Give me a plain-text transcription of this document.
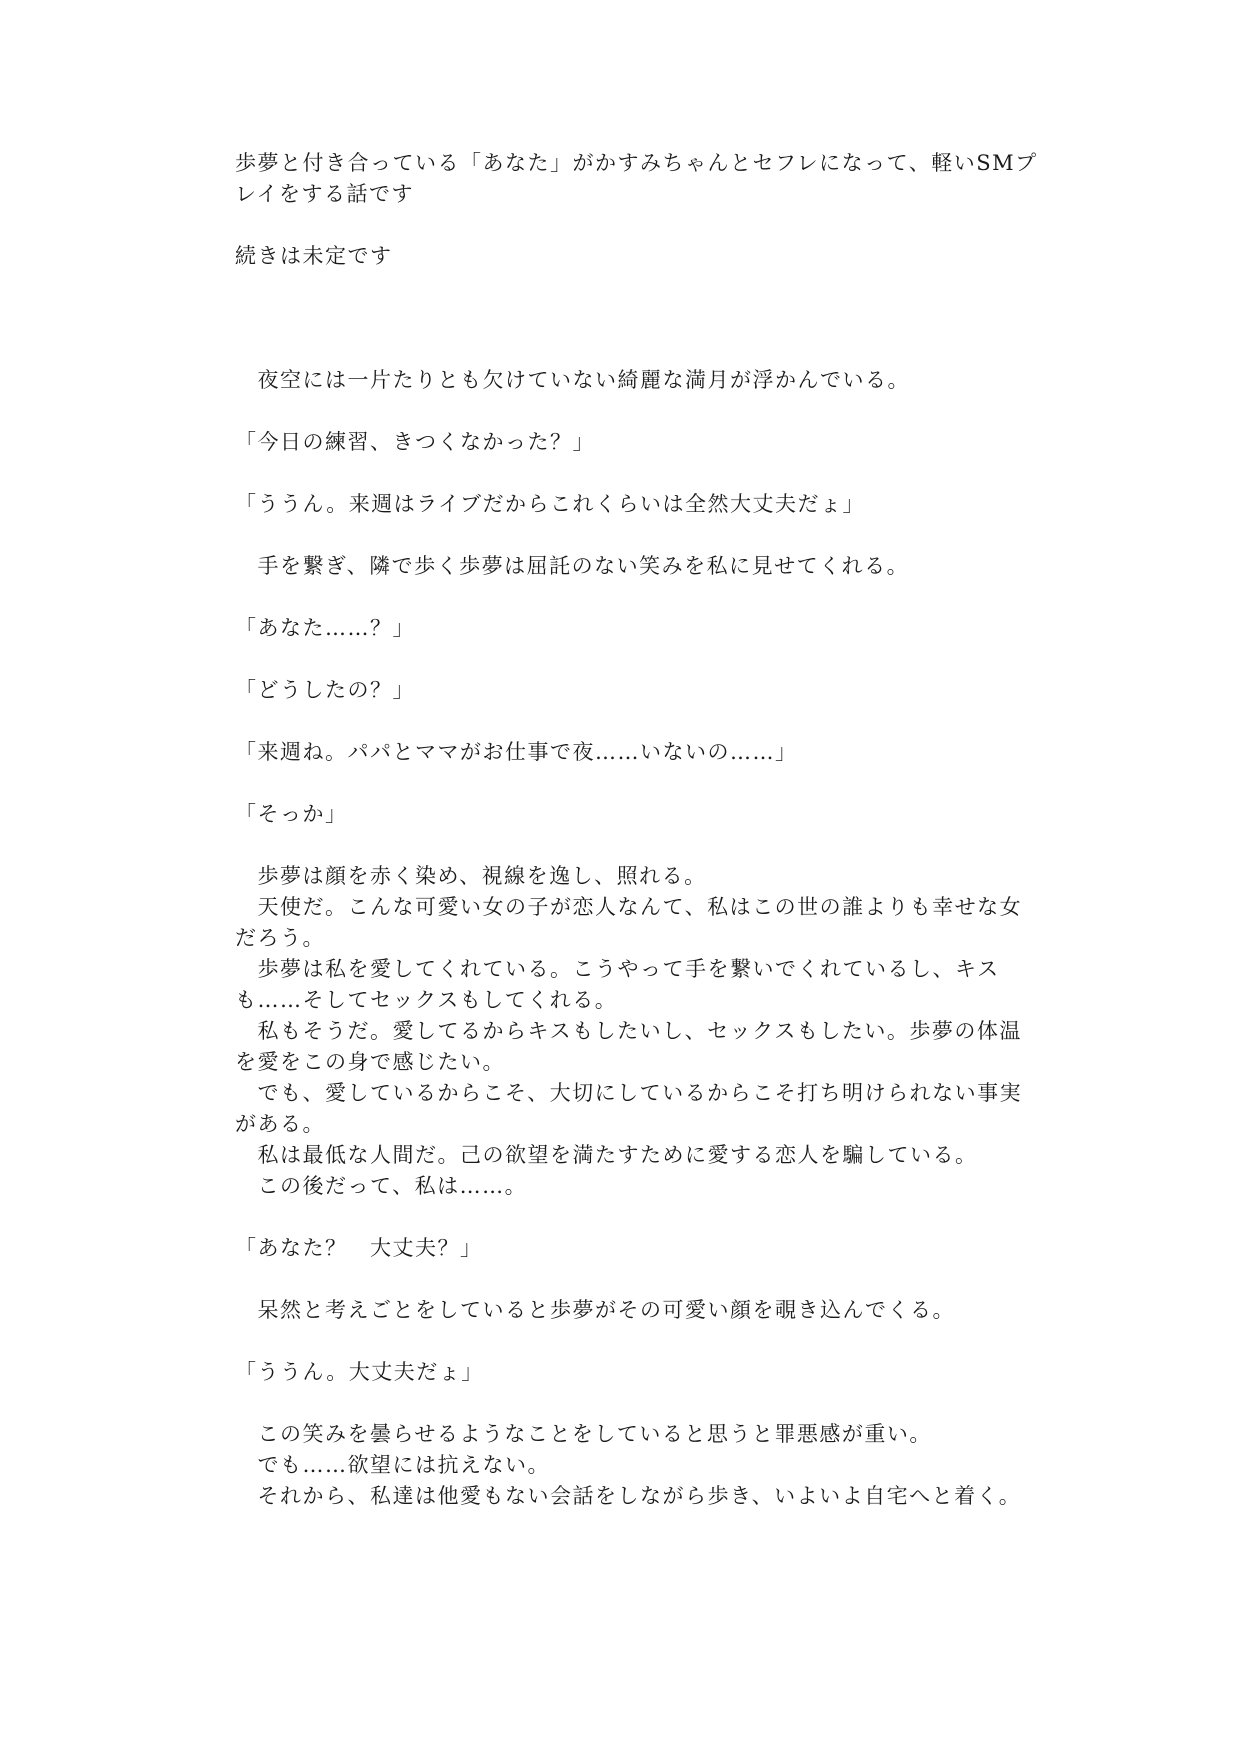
歩夢と付き合っている「あなた」がかすみちゃんとセフレになって、軽いSMプ
レイをする話です
続きは未定です
　夜空には一片たりとも欠けていない綺麗な満月が浮かんでいる。
「今日の練習、きつくなかった？」
「ううん。来週はライブだからこれくらいは全然大丈夫だょ」
　手を繋ぎ、隣で歩く歩夢は屈託のない笑みを私に見せてくれる。
「あなた……？」
「どうしたの？」
「来週ね。パパとママがお仕事で夜……いないの……」
「そっか」
　歩夢は顔を赤く染め、視線を逸し、照れる。
　天使だ。こんな可愛い女の子が恋人なんて、私はこの世の誰よりも幸せな女
だろう。
　歩夢は私を愛してくれている。こうやって手を繋いでくれているし、キス
も……そしてセックスもしてくれる。
　私もそうだ。愛してるからキスもしたいし、セックスもしたい。歩夢の体温
を愛をこの身で感じたい。
　でも、愛しているからこそ、大切にしているからこそ打ち明けられない事実
がある。
　私は最低な人間だ。己の欲望を満たすために愛する恋人を騙している。
　この後だって、私は……。
「あなた？　大丈夫？」
　呆然と考えごとをしていると歩夢がその可愛い顔を覗き込んでくる。
「ううん。大丈夫だょ」
　この笑みを曇らせるようなことをしていると思うと罪悪感が重い。
　でも……欲望には抗えない。
　それから、私達は他愛もない会話をしながら歩き、いよいよ自宅へと着く。
